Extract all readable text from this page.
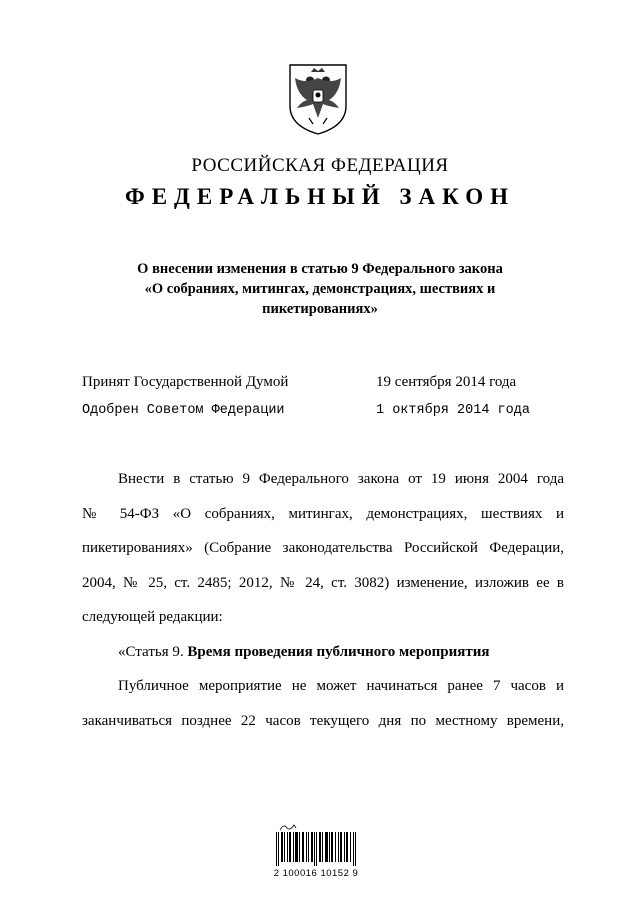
РОССИЙСКАЯ ФЕДЕРАЦИЯ
ФЕДЕРАЛЬНЫЙ ЗАКОН
О внесении изменения в статью 9 Федерального закона
«О собраниях, митингах, демонстрациях, шествиях и
пикетированиях»
Принят Государственной Думой	19 сентября 2014 года
Одобрен Советом Федерации	1 октября 2014 года

Внести в статью 9 Федерального закона от 19 июня 2004 года

№ 54-ФЗ «О собраниях, митингах, демонстрациях, шествиях и

пикетированиях» (Собрание законодательства Российской Федерации,

2004, № 25, ст. 2485; 2012, № 24, ст. 3082) изменение, изложив ее в

следующей редакции:

«Статья 9. Время проведения публичного мероприятия

Публичное мероприятие не может начинаться ранее 7 часов и

заканчиваться позднее 22 часов текущего дня по местному времени,

2 100016 10152 9
